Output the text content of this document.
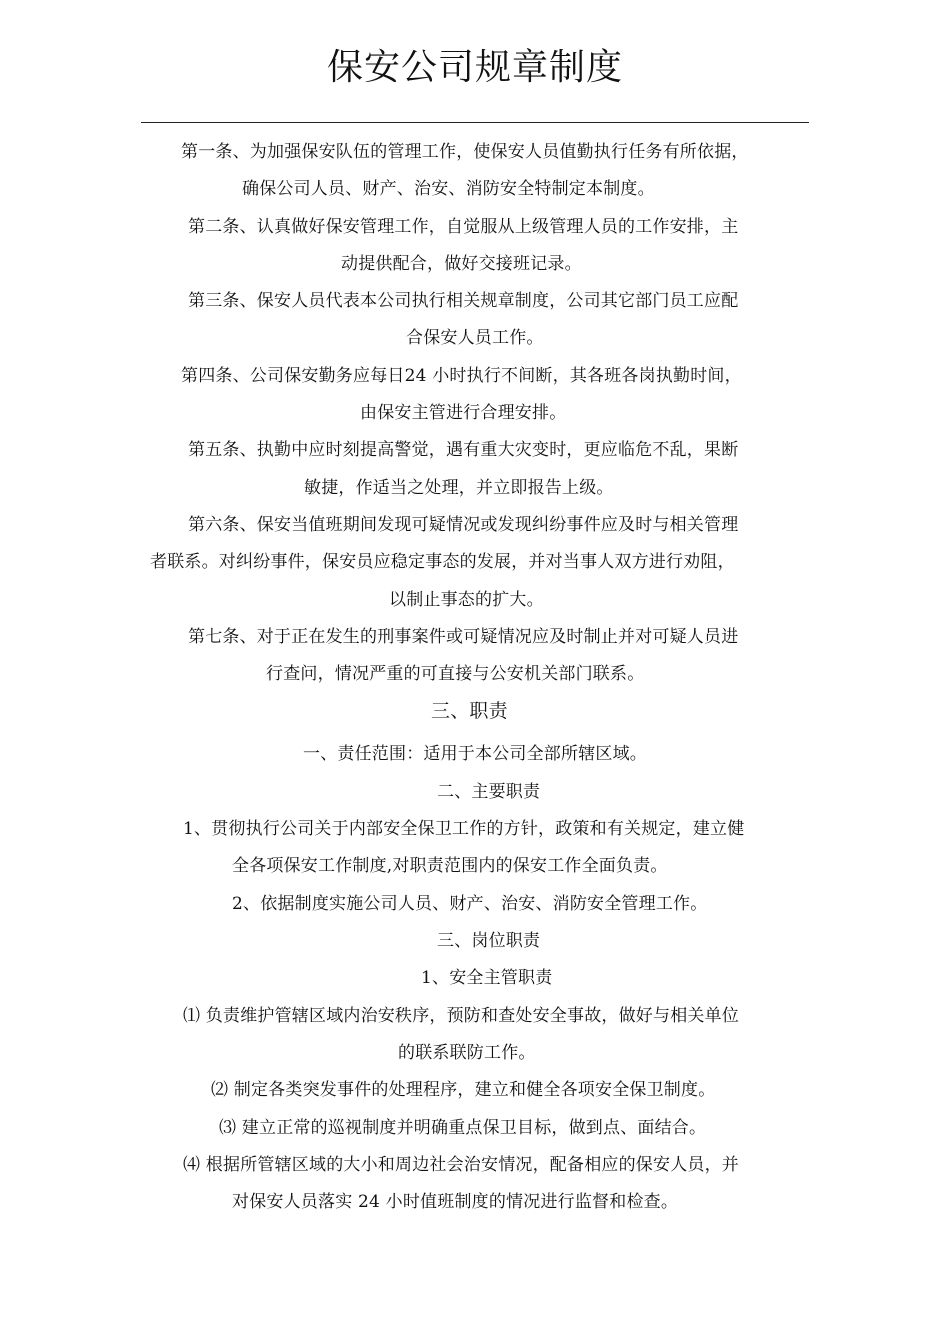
保安公司规章制度
第一条、为加强保安队伍的管理工作，使保安人员值勤执行任务有所依据，
确保公司人员、财产、治安、消防安全特制定本制度。
第二条、认真做好保安管理工作，自觉服从上级管理人员的工作安排，主
动提供配合，做好交接班记录。
第三条、保安人员代表本公司执行相关规章制度，公司其它部门员工应配
合保安人员工作。
第四条、公司保安勤务应每日24 小时执行不间断，其各班各岗执勤时间，
由保安主管进行合理安排。
第五条、执勤中应时刻提高警觉，遇有重大灾变时，更应临危不乱，果断
敏捷，作适当之处理，并立即报告上级。
第六条、保安当值班期间发现可疑情况或发现纠纷事件应及时与相关管理
者联系。对纠纷事件，保安员应稳定事态的发展，并对当事人双方进行劝阻，
以制止事态的扩大。
第七条、对于正在发生的刑事案件或可疑情况应及时制止并对可疑人员进
行查问，情况严重的可直接与公安机关部门联系。
三、职责
一、责任范围：适用于本公司全部所辖区域。
二、主要职责
1、贯彻执行公司关于内部安全保卫工作的方针，政策和有关规定，建立健
全各项保安工作制度,对职责范围内的保安工作全面负责。
2、依据制度实施公司人员、财产、治安、消防安全管理工作。
三、岗位职责
1、安全主管职责
⑴ 负责维护管辖区域内治安秩序，预防和查处安全事故，做好与相关单位
的联系联防工作。
⑵ 制定各类突发事件的处理程序，建立和健全各项安全保卫制度。
⑶ 建立正常的巡视制度并明确重点保卫目标，做到点、面结合。
⑷ 根据所管辖区域的大小和周边社会治安情况，配备相应的保安人员，并
对保安人员落实 24 小时值班制度的情况进行监督和检查。
